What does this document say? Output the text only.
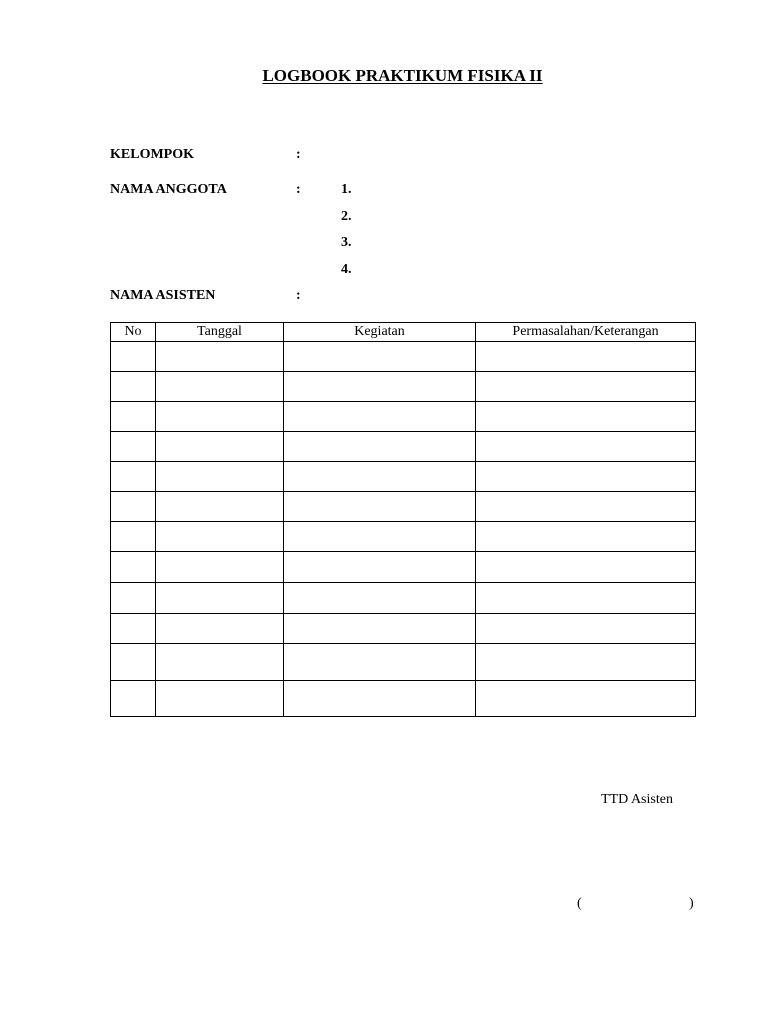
LOGBOOK PRAKTIKUM FISIKA II
KELOMPOK	:
NAMA ANGGOTA	:	1.
2.
3.
4.
NAMA ASISTEN	:
No	Tanggal	Kegiatan	Permasalahan/Keterangan

TTD Asisten
(	)
